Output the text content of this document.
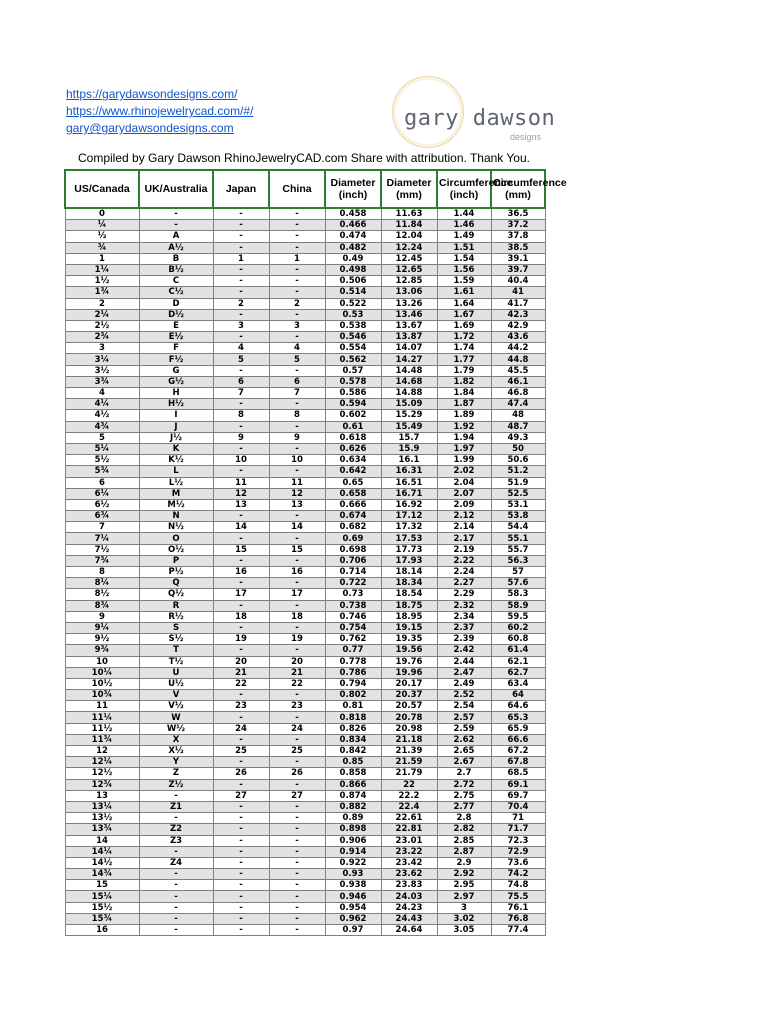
https://garydawsondesigns.com/
https://www.rhinojewelrycad.com/#/
gary@garydawsondesigns.com	gary dawson
designs
Compiled by Gary Dawson RhinoJewelryCAD.com Share with attribution. Thank You.
US/Canada	UK/Australia	Japan	China	Diameter (inch)	Diameter (mm)	Circumference (inch)	Circumference (mm)
0	-	-	-	0.458	11.63	1.44	36.5
¼	-	-	-	0.466	11.84	1.46	37.2
½	A	-	-	0.474	12.04	1.49	37.8
¾	A½	-	-	0.482	12.24	1.51	38.5
1	B	1	1	0.49	12.45	1.54	39.1
1¼	B½	-	-	0.498	12.65	1.56	39.7
1½	C	-	-	0.506	12.85	1.59	40.4
1¾	C½	-	-	0.514	13.06	1.61	41
2	D	2	2	0.522	13.26	1.64	41.7
2¼	D½	-	-	0.53	13.46	1.67	42.3
2½	E	3	3	0.538	13.67	1.69	42.9
2¾	E½	-	-	0.546	13.87	1.72	43.6
3	F	4	4	0.554	14.07	1.74	44.2
3¼	F½	5	5	0.562	14.27	1.77	44.8
3½	G	-	-	0.57	14.48	1.79	45.5
3¾	G½	6	6	0.578	14.68	1.82	46.1
4	H	7	7	0.586	14.88	1.84	46.8
4¼	H½	-	-	0.594	15.09	1.87	47.4
4½	I	8	8	0.602	15.29	1.89	48
4¾	J	-	-	0.61	15.49	1.92	48.7
5	J½	9	9	0.618	15.7	1.94	49.3
5¼	K	-	-	0.626	15.9	1.97	50
5½	K½	10	10	0.634	16.1	1.99	50.6
5¾	L	-	-	0.642	16.31	2.02	51.2
6	L½	11	11	0.65	16.51	2.04	51.9
6¼	M	12	12	0.658	16.71	2.07	52.5
6½	M½	13	13	0.666	16.92	2.09	53.1
6¾	N	-	-	0.674	17.12	2.12	53.8
7	N½	14	14	0.682	17.32	2.14	54.4
7¼	O	-	-	0.69	17.53	2.17	55.1
7½	O½	15	15	0.698	17.73	2.19	55.7
7¾	P	-	-	0.706	17.93	2.22	56.3
8	P½	16	16	0.714	18.14	2.24	57
8¼	Q	-	-	0.722	18.34	2.27	57.6
8½	Q½	17	17	0.73	18.54	2.29	58.3
8¾	R	-	-	0.738	18.75	2.32	58.9
9	R½	18	18	0.746	18.95	2.34	59.5
9¼	S	-	-	0.754	19.15	2.37	60.2
9½	S½	19	19	0.762	19.35	2.39	60.8
9¾	T	-	-	0.77	19.56	2.42	61.4
10	T½	20	20	0.778	19.76	2.44	62.1
10¼	U	21	21	0.786	19.96	2.47	62.7
10½	U½	22	22	0.794	20.17	2.49	63.4
10¾	V	-	-	0.802	20.37	2.52	64
11	V½	23	23	0.81	20.57	2.54	64.6
11¼	W	-	-	0.818	20.78	2.57	65.3
11½	W½	24	24	0.826	20.98	2.59	65.9
11¾	X	-	-	0.834	21.18	2.62	66.6
12	X½	25	25	0.842	21.39	2.65	67.2
12¼	Y	-	-	0.85	21.59	2.67	67.8
12½	Z	26	26	0.858	21.79	2.7	68.5
12¾	Z½	-	-	0.866	22	2.72	69.1
13	-	27	27	0.874	22.2	2.75	69.7
13¼	Z1	-	-	0.882	22.4	2.77	70.4
13½	-	-	-	0.89	22.61	2.8	71
13¾	Z2	-	-	0.898	22.81	2.82	71.7
14	Z3	-	-	0.906	23.01	2.85	72.3
14¼	-	-	-	0.914	23.22	2.87	72.9
14½	Z4	-	-	0.922	23.42	2.9	73.6
14¾	-	-	-	0.93	23.62	2.92	74.2
15	-	-	-	0.938	23.83	2.95	74.8
15¼	-	-	-	0.946	24.03	2.97	75.5
15½	-	-	-	0.954	24.23	3	76.1
15¾	-	-	-	0.962	24.43	3.02	76.8
16	-	-	-	0.97	24.64	3.05	77.4
